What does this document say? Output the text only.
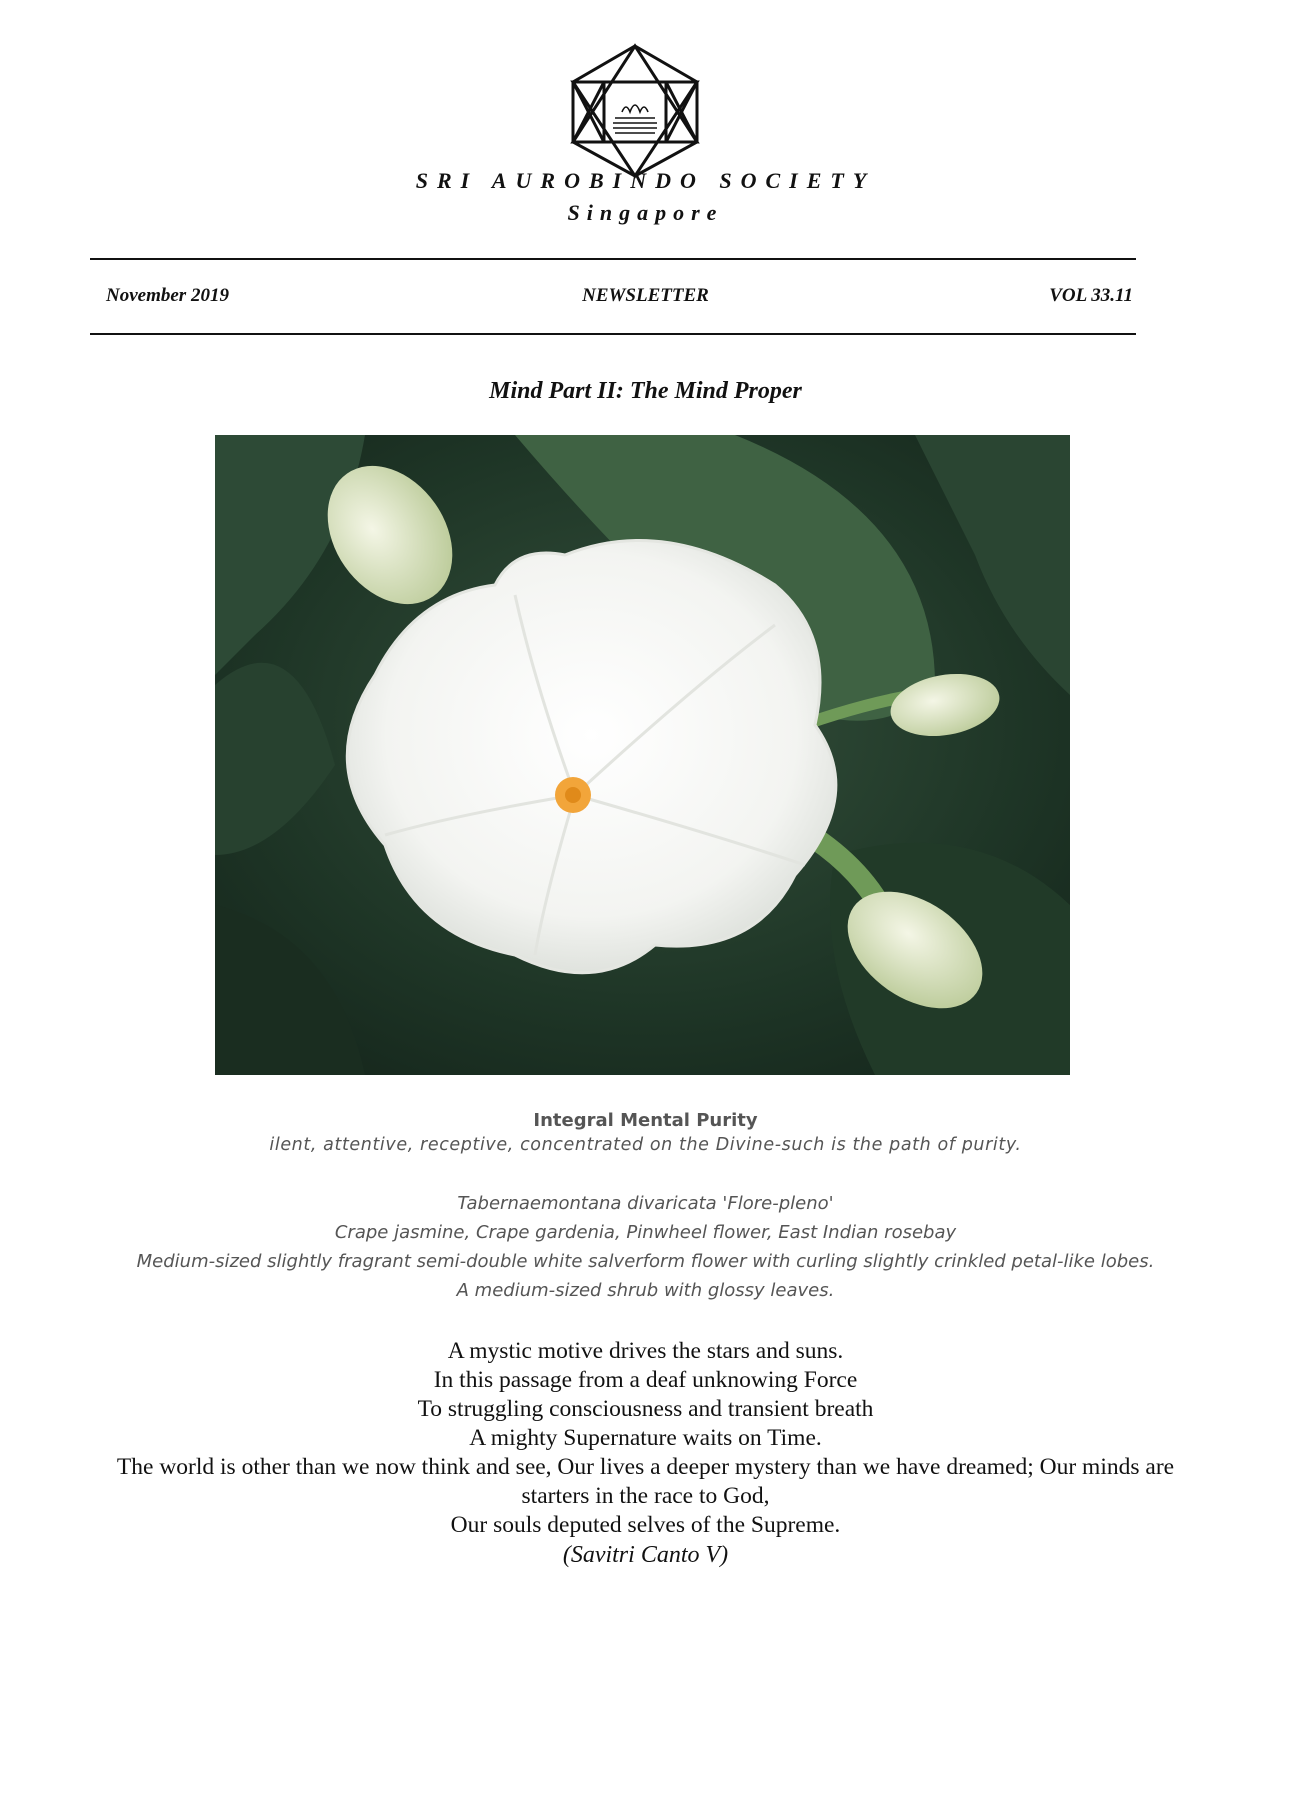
SRI AUROBINDO SOCIETY
Singapore
November 2019	NEWSLETTER	VOL 33.11
Mind Part II: The Mind Proper
Integral Mental Purity
ilent, attentive, receptive, concentrated on the Divine-such is the path of purity.
Tabernaemontana divaricata 'Flore-pleno'
Crape jasmine, Crape gardenia, Pinwheel flower, East Indian rosebay
Medium-sized slightly fragrant semi-double white salverform flower with curling slightly crinkled petal-like lobes.
A medium-sized shrub with glossy leaves.
A mystic motive drives the stars and suns.
In this passage from a deaf unknowing Force
To struggling consciousness and transient breath
A mighty Supernature waits on Time.
The world is other than we now think and see, Our lives a deeper mystery than we have dreamed; Our minds are starters in the race to God,
Our souls deputed selves of the Supreme.
(Savitri Canto V)
